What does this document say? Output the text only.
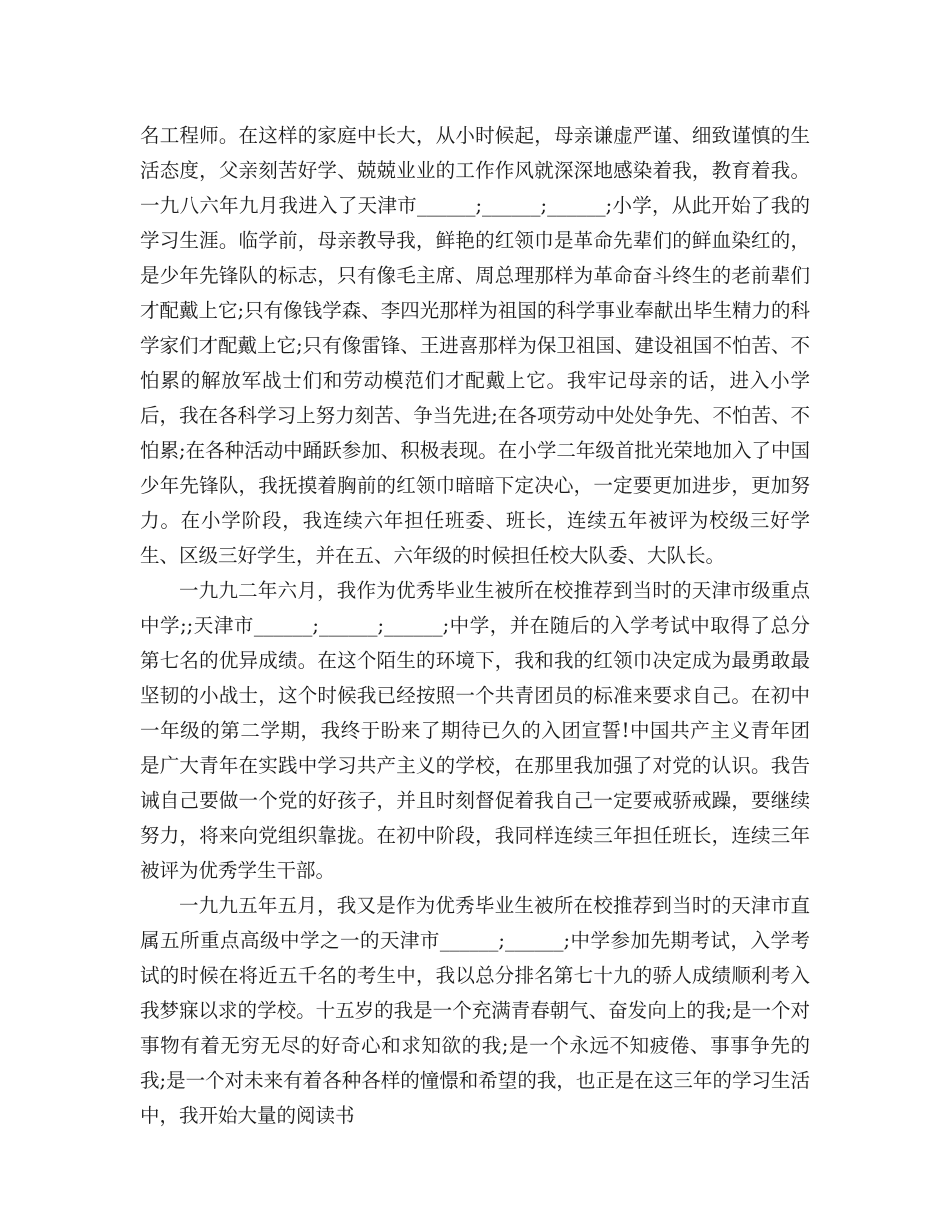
名工程师。在这样的家庭中长大，从小时候起，母亲谦虚严谨、细致谨慎的生活态度，父亲刻苦好学、兢兢业业的工作作风就深深地感染着我，教育着我。一九八六年九月我进入了天津市______;______;______;小学，从此开始了我的学习生涯。临学前，母亲教导我，鲜艳的红领巾是革命先辈们的鲜血染红的，是少年先锋队的标志，只有像毛主席、周总理那样为革命奋斗终生的老前辈们才配戴上它;只有像钱学森、李四光那样为祖国的科学事业奉献出毕生精力的科学家们才配戴上它;只有像雷锋、王进喜那样为保卫祖国、建设祖国不怕苦、不怕累的解放军战士们和劳动模范们才配戴上它。我牢记母亲的话，进入小学后，我在各科学习上努力刻苦、争当先进;在各项劳动中处处争先、不怕苦、不怕累;在各种活动中踊跃参加、积极表现。在小学二年级首批光荣地加入了中国少年先锋队，我抚摸着胸前的红领巾暗暗下定决心，一定要更加进步，更加努力。在小学阶段，我连续六年担任班委、班长，连续五年被评为校级三好学生、区级三好学生，并在五、六年级的时候担任校大队委、大队长。

一九九二年六月，我作为优秀毕业生被所在校推荐到当时的天津市级重点中学;;天津市______;______;______;中学，并在随后的入学考试中取得了总分第七名的优异成绩。在这个陌生的环境下，我和我的红领巾决定成为最勇敢最坚韧的小战士，这个时候我已经按照一个共青团员的标准来要求自己。在初中一年级的第二学期，我终于盼来了期待已久的入团宣誓!中国共产主义青年团是广大青年在实践中学习共产主义的学校，在那里我加强了对党的认识。我告诫自己要做一个党的好孩子，并且时刻督促着我自己一定要戒骄戒躁，要继续努力，将来向党组织靠拢。在初中阶段，我同样连续三年担任班长，连续三年被评为优秀学生干部。

一九九五年五月，我又是作为优秀毕业生被所在校推荐到当时的天津市直属五所重点高级中学之一的天津市______;______;中学参加先期考试，入学考试的时候在将近五千名的考生中，我以总分排名第七十九的骄人成绩顺利考入我梦寐以求的学校。十五岁的我是一个充满青春朝气、奋发向上的我;是一个对事物有着无穷无尽的好奇心和求知欲的我;是一个永远不知疲倦、事事争先的我;是一个对未来有着各种各样的憧憬和希望的我，也正是在这三年的学习生活中，我开始大量的阅读书
